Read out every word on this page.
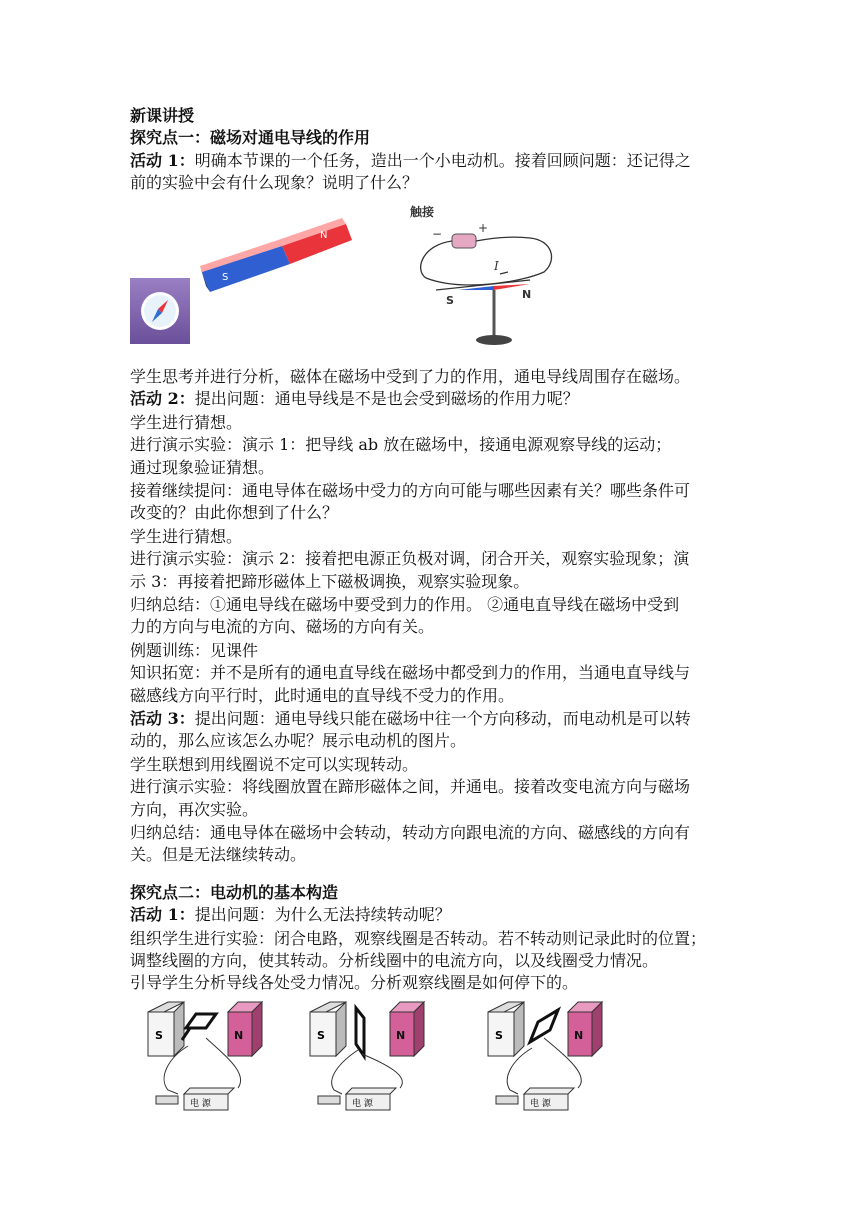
新课讲授
探究点一：磁场对通电导线的作用
活动 1：明确本节课的一个任务，造出一个小电动机。接着回顾问题：还记得之
前的实验中会有什么现象？说明了什么？
S
N
触接
−	+
I
S	N
学生思考并进行分析，磁体在磁场中受到了力的作用，通电导线周围存在磁场。
活动 2：提出问题：通电导线是不是也会受到磁场的作用力呢？
学生进行猜想。
进行演示实验：演示 1：把导线 ab 放在磁场中，接通电源观察导线的运动；
通过现象验证猜想。
接着继续提问：通电导体在磁场中受力的方向可能与哪些因素有关？哪些条件可
改变的？由此你想到了什么？
学生进行猜想。
进行演示实验：演示 2：接着把电源正负极对调，闭合开关，观察实验现象；演
示 3：再接着把蹄形磁体上下磁极调换，观察实验现象。
归纳总结：①通电导线在磁场中要受到力的作用。 ②通电直导线在磁场中受到
力的方向与电流的方向、磁场的方向有关。
例题训练：见课件
知识拓宽：并不是所有的通电直导线在磁场中都受到力的作用，当通电直导线与
磁感线方向平行时，此时通电的直导线不受力的作用。
活动 3：提出问题：通电导线只能在磁场中往一个方向移动，而电动机是可以转
动的，那么应该怎么办呢？展示电动机的图片。
学生联想到用线圈说不定可以实现转动。
进行演示实验：将线圈放置在蹄形磁体之间，并通电。接着改变电流方向与磁场
方向，再次实验。
归纳总结：通电导体在磁场中会转动，转动方向跟电流的方向、磁感线的方向有
关。但是无法继续转动。
探究点二：电动机的基本构造
活动 1：提出问题：为什么无法持续转动呢？
组织学生进行实验：闭合电路，观察线圈是否转动。若不转动则记录此时的位置；
调整线圈的方向，使其转动。分析线圈中的电流方向，以及线圈受力情况。
引导学生分析导线各处受力情况。分析观察线圈是如何停下的。
S	N
电 源
S	N
电 源
S	N
电 源
